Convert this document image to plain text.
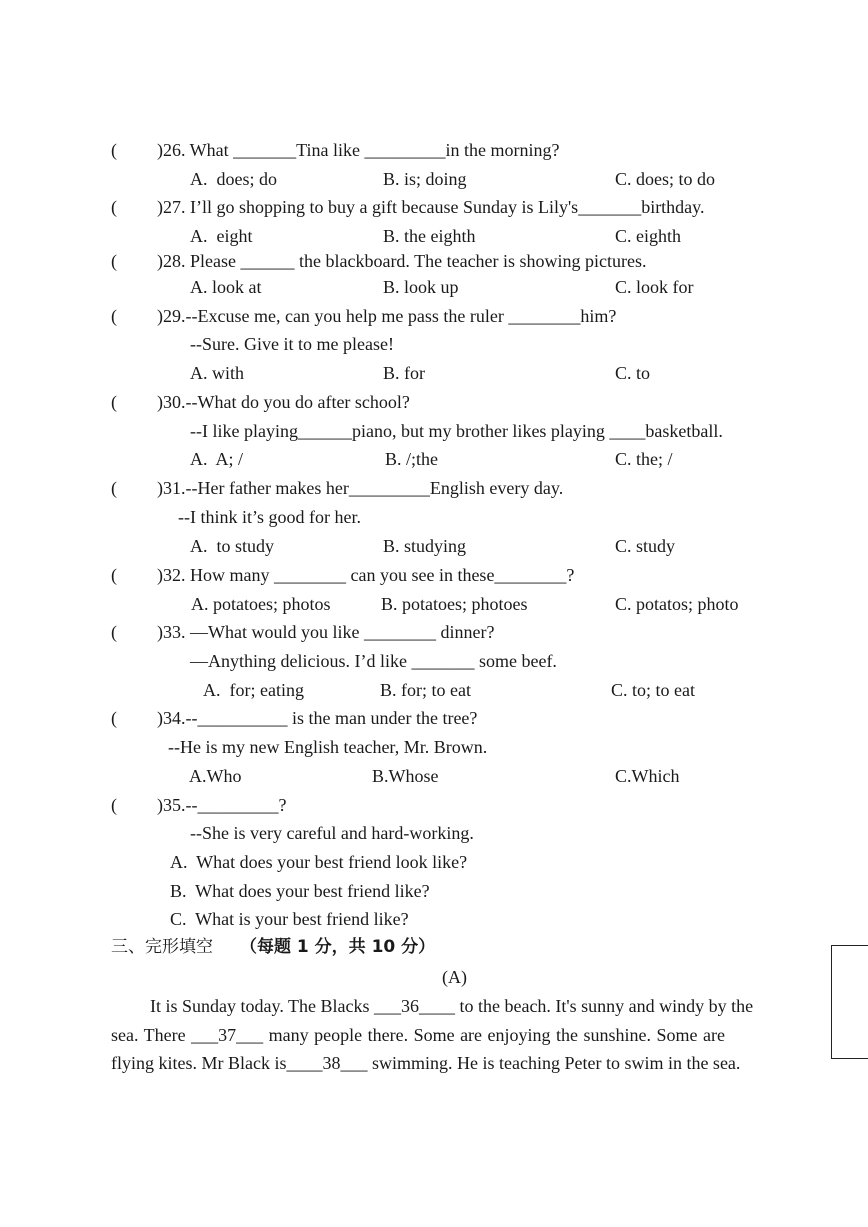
( )26. What _______Tina like _________in the morning?
A.  does; do	B. is; doing	C. does; to do
( )27. I’ll go shopping to buy a gift because Sunday is Lily's_______birthday.
A.  eight	B. the eighth	C. eighth
( )28. Please ______ the blackboard. The teacher is showing pictures.
A. look at	B. look up	C. look for
( )29.--Excuse me, can you help me pass the ruler ________him?
--Sure. Give it to me please!
A. with	B. for	C. to
( )30.--What do you do after school?
--I like playing______piano, but my brother likes playing ____basketball.
A.  A; /	B. /;the	C. the; /
( )31.--Her father makes her_________English every day.
--I think it’s good for her.
A.  to study	B. studying	C. study
( )32. How many ________ can you see in these________?
A. potatoes; photos	B. potatoes; photoes	C. potatos; photo
( )33. —What would you like ________ dinner?
—Anything delicious. I’d like _______ some beef.
A.  for; eating	B. for; to eat	C. to; to eat
( )34.--__________ is the man under the tree?
--He is my new English teacher, Mr. Brown.
A.Who	B.Whose	C.Which
( )35.--_________?
--She is very careful and hard-working.
A.  What does your best friend look like?
B.  What does your best friend like?
C.  What is your best friend like?
三、完形填空 （每题 1 分，共 10 分）
(A)
It is Sunday today. The Blacks ___36____ to the beach. It's sunny and windy by the
sea. There ___37___ many people there. Some are enjoying the sunshine. Some are
flying kites. Mr Black is____38___ swimming. He is teaching Peter to swim in the sea.
